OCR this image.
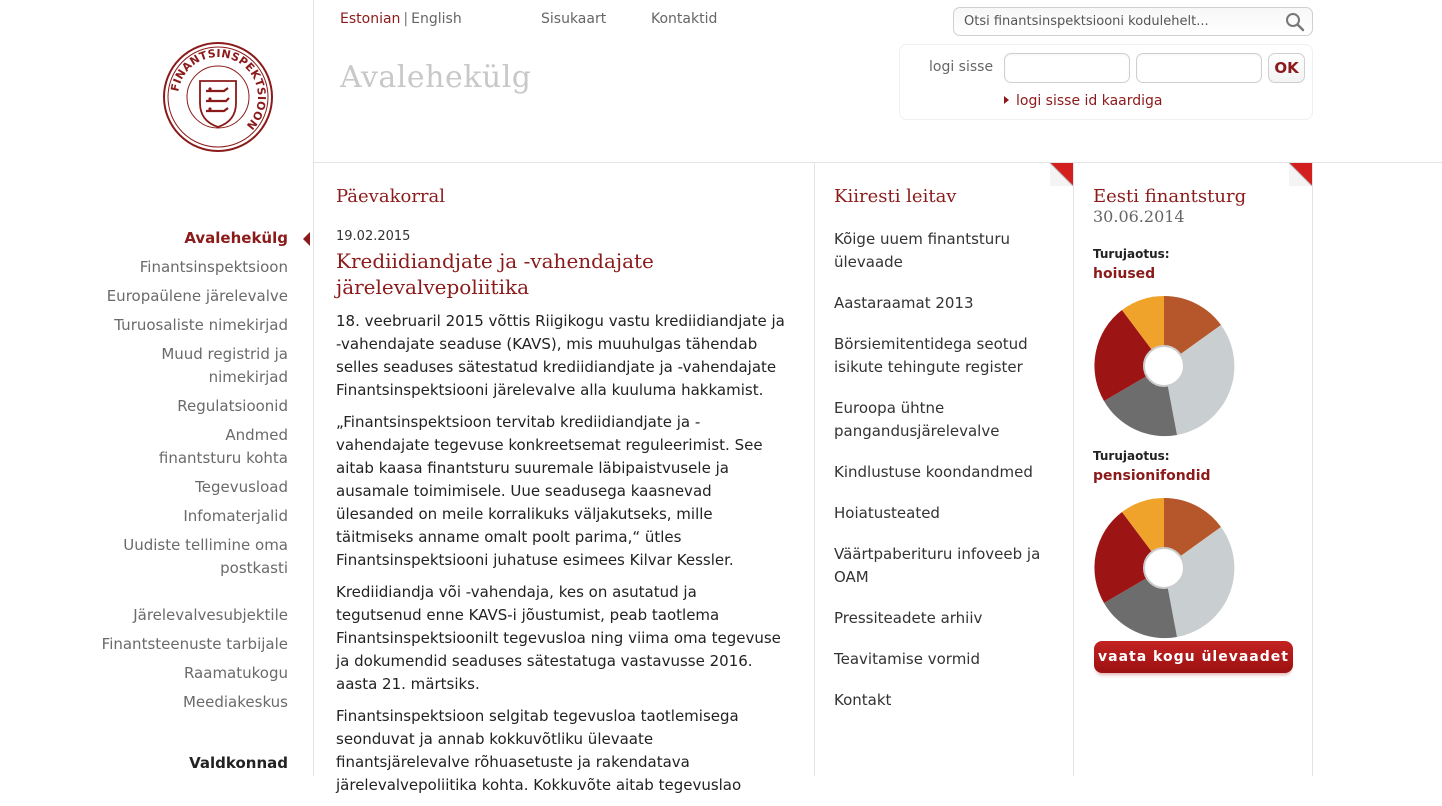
FINANTSINSPEKTSIOON
Avalehekülg
Finantsinspektsioon
Europaülene järelevalve
Turuosaliste nimekirjad
Muud registrid ja nimekirjad
Regulatsioonid
Andmed finantsturu kohta
Tegevusload
Infomaterjalid
Uudiste tellimine oma postkasti
Järelevalvesubjektile
Finantsteenuste tarbijale
Raamatukogu
Meediakeskus
Valdkonnad
Estonian | English	Sisukaart	Kontaktid
Avalehekülg
Otsi finantsinspektsiooni kodulehelt...	logi sisse	OK
logi sisse id kaardiga
Päevakorral
19.02.2015
Krediidiandjate ja -vahendajate järelevalvepoliitika

18. veebruaril 2015 võttis Riigikogu vastu krediidiandjate ja -vahendajate seaduse (KAVS), mis muuhulgas tähendab selles seaduses sätestatud krediidiandjate ja -vahendajate Finantsinspektsiooni järelevalve alla kuuluma hakkamist.

„Finantsinspektsioon tervitab krediidiandjate ja -vahendajate tegevuse konkreetsemat reguleerimist. See aitab kaasa finantsturu suuremale läbipaistvusele ja ausamale toimimisele. Uue seadusega kaasnevad ülesanded on meile korralikuks väljakutseks, mille täitmiseks anname omalt poolt parima,“ ütles Finantsinspektsiooni juhatuse esimees Kilvar Kessler.

Krediidiandja või -vahendaja, kes on asutatud ja tegutsenud enne KAVS-i jõustumist, peab taotlema Finantsinspektsioonilt tegevusloa ning viima oma tegevuse ja dokumendid seaduses sätestatuga vastavusse 2016. aasta 21. märtsiks.

Finantsinspektsioon selgitab tegevusloa taotlemisega seonduvat ja annab kokkuvõtliku ülevaate finantsjärelevalve rõhuasetuste ja rakendatava järelevalvepoliitika kohta. Kokkuvõte aitab tegevuslao

Kiiresti leitav
Kõige uuem finantsturu ülevaade
Aastaraamat 2013
Börsiemitentidega seotud isikute tehingute register
Euroopa ühtne pangandusjärelevalve
Kindlustuse koondandmed
Hoiatusteated
Väärtpaberituru infoveeb ja OAM
Pressiteadete arhiiv
Teavitamise vormid
Kontakt
Eesti finantsturg
30.06.2014
Turujaotus:
hoiused
Turujaotus:
pensionifondid
vaata kogu ülevaadet
